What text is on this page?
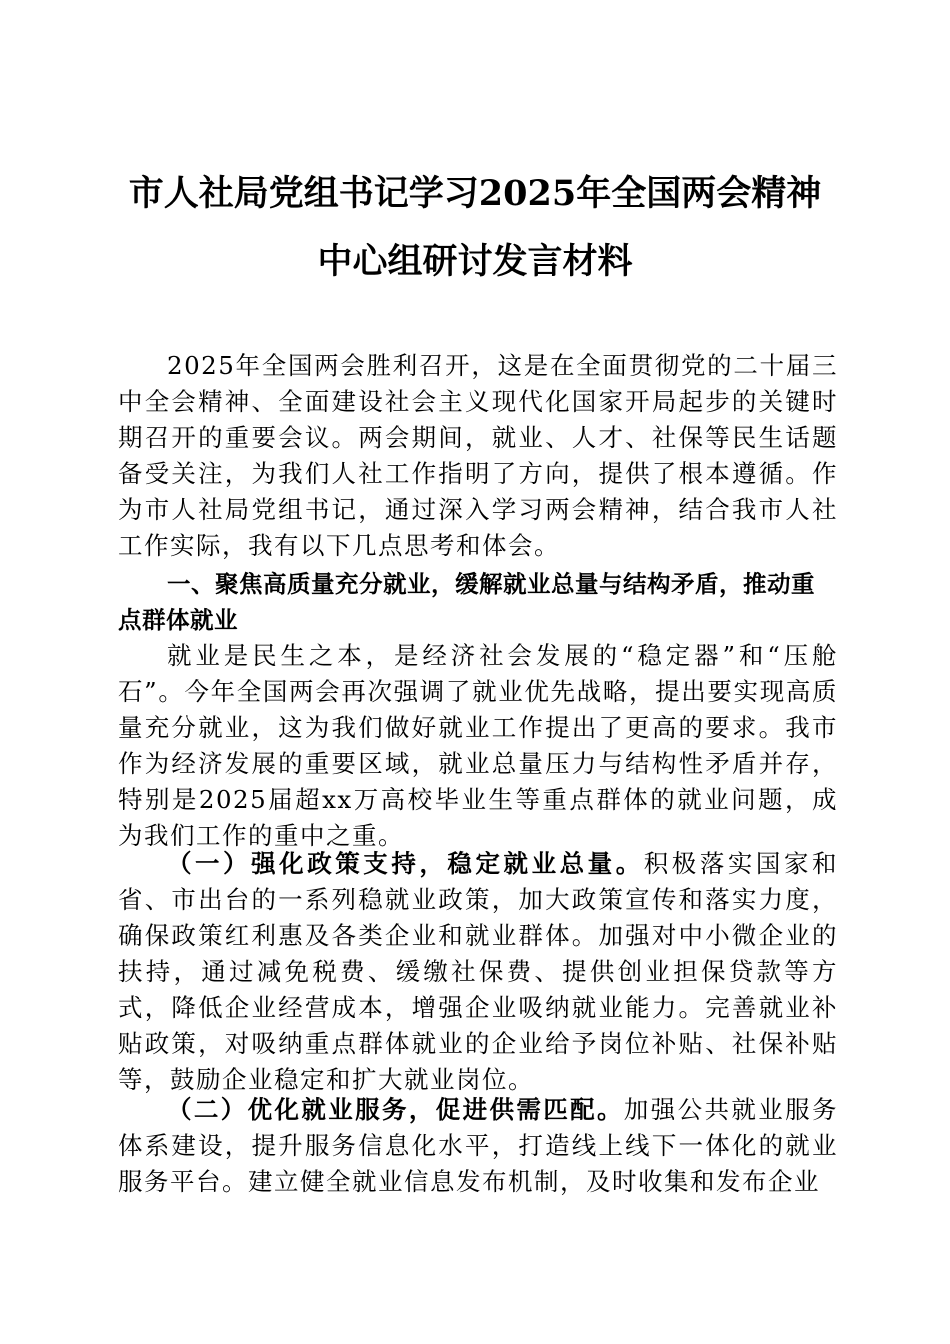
市人社局党组书记学习2025年全国两会精神
中心组研讨发言材料

2025年全国两会胜利召开，这是在全面贯彻党的二十届三中全会精神、全面建设社会主义现代化国家开局起步的关键时期召开的重要会议。两会期间，就业、人才、社保等民生话题备受关注，为我们人社工作指明了方向，提供了根本遵循。作为市人社局党组书记，通过深入学习两会精神，结合我市人社工作实际，我有以下几点思考和体会。

一、聚焦高质量充分就业，缓解就业总量与结构矛盾，推动重点群体就业

就业是民生之本，是经济社会发展的“稳定器”和“压舱石”。今年全国两会再次强调了就业优先战略，提出要实现高质量充分就业，这为我们做好就业工作提出了更高的要求。我市作为经济发展的重要区域，就业总量压力与结构性矛盾并存，特别是2025届超xx万高校毕业生等重点群体的就业问题，成为我们工作的重中之重。

（一）强化政策支持，稳定就业总量。积极落实国家和省、市出台的一系列稳就业政策，加大政策宣传和落实力度，确保政策红利惠及各类企业和就业群体。加强对中小微企业的扶持，通过减免税费、缓缴社保费、提供创业担保贷款等方式，降低企业经营成本，增强企业吸纳就业能力。完善就业补贴政策，对吸纳重点群体就业的企业给予岗位补贴、社保补贴等，鼓励企业稳定和扩大就业岗位。

（二）优化就业服务，促进供需匹配。加强公共就业服务体系建设，提升服务信息化水平，打造线上线下一体化的就业服务平台。建立健全就业信息发布机制，及时收集和发布企业
